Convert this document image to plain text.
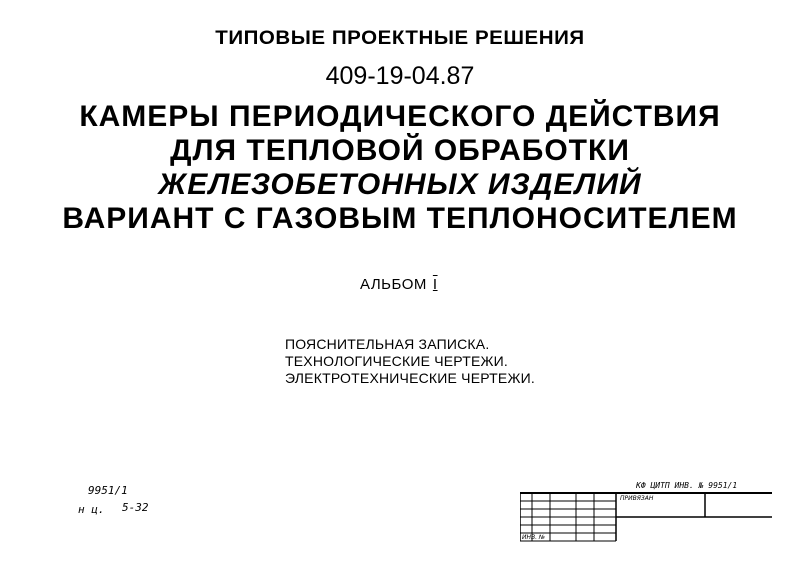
ТИПОВЫЕ ПРОЕКТНЫЕ РЕШЕНИЯ
409-19-04.87
КАМЕРЫ ПЕРИОДИЧЕСКОГО ДЕЙСТВИЯ
ДЛЯ ТЕПЛОВОЙ ОБРАБОТКИ
ЖЕЛЕЗОБЕТОННЫХ ИЗДЕЛИЙ
ВАРИАНТ С ГАЗОВЫМ ТЕПЛОНОСИТЕЛЕМ
АЛЬБОМ I
ПОЯСНИТЕЛЬНАЯ ЗАПИСКА.
ТЕХНОЛОГИЧЕСКИЕ ЧЕРТЕЖИ.
ЭЛЕКТРОТЕХНИЧЕСКИЕ ЧЕРТЕЖИ.
9951/1
н ц. 5-32
КФ ЦИТП ИНВ. № 9951/1
ПРИВЯЗАН
ИНВ. №
